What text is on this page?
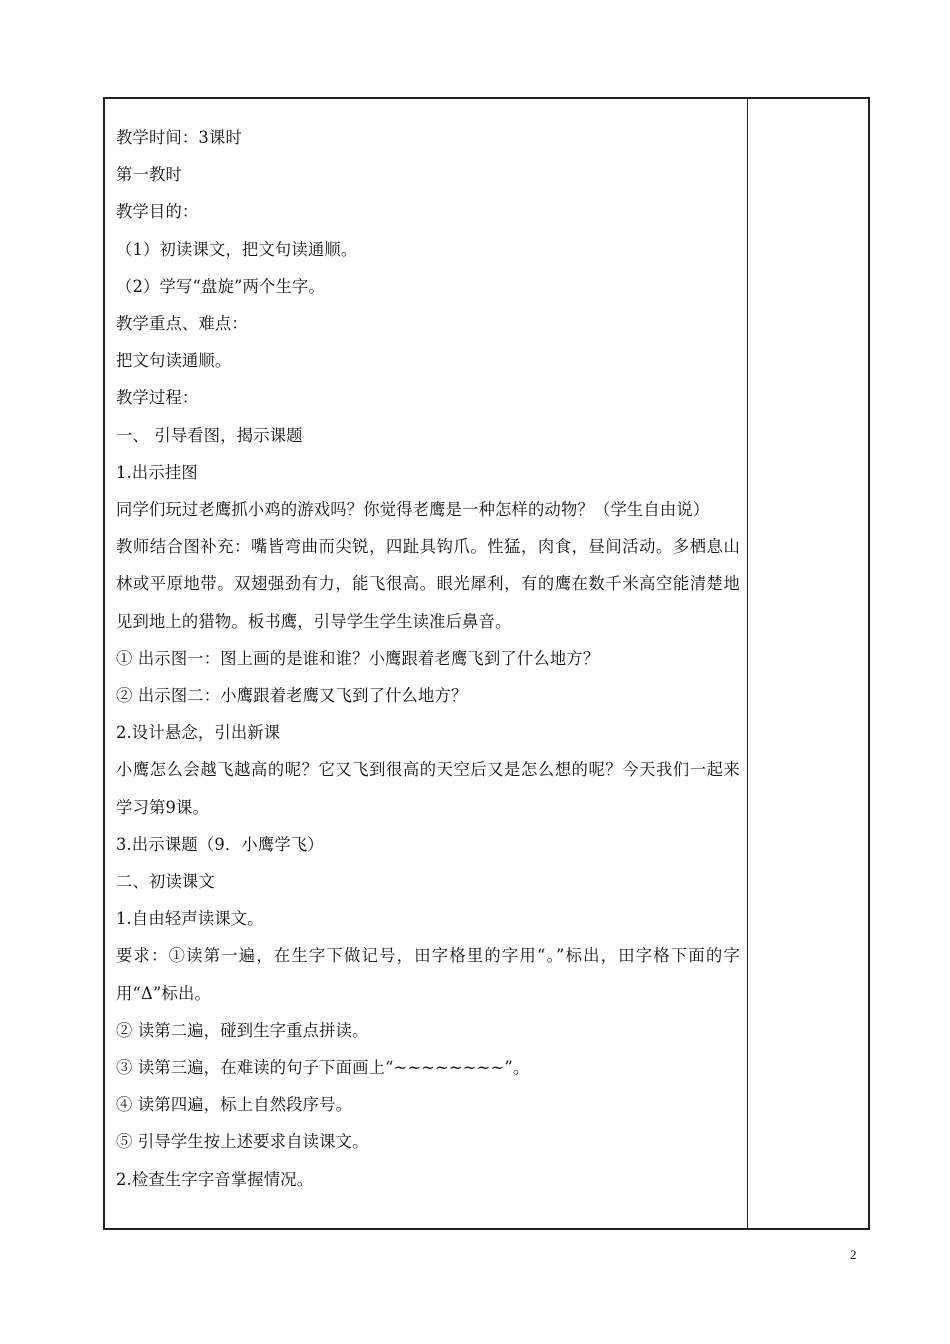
教学时间：3课时

第一教时

教学目的：

（1）初读课文，把文句读通顺。

（2）学写“盘旋”两个生字。

教学重点、难点：

把文句读通顺。

教学过程：

一、 引导看图，揭示课题

1.出示挂图

同学们玩过老鹰抓小鸡的游戏吗？你觉得老鹰是一种怎样的动物？（学生自由说）

教师结合图补充：嘴皆弯曲而尖锐，四趾具钩爪。性猛，肉食，昼间活动。多栖息山林或平原地带。双翅强劲有力，能飞很高。眼光犀利，有的鹰在数千米高空能清楚地见到地上的猎物。板书鹰，引导学生学生读准后鼻音。

① 出示图一：图上画的是谁和谁？小鹰跟着老鹰飞到了什么地方？

② 出示图二：小鹰跟着老鹰又飞到了什么地方？

2.设计悬念，引出新课

小鹰怎么会越飞越高的呢？它又飞到很高的天空后又是怎么想的呢？今天我们一起来学习第9课。

3.出示课题（9．小鹰学飞）

二、初读课文

1.自由轻声读课文。

要求：①读第一遍，在生字下做记号，田字格里的字用“。”标出，田字格下面的字用“Δ”标出。

② 读第二遍，碰到生字重点拼读。

③ 读第三遍，在难读的句子下面画上“~~~~~~~~”。

④ 读第四遍，标上自然段序号。

⑤ 引导学生按上述要求自读课文。

2.检查生字字音掌握情况。

2
